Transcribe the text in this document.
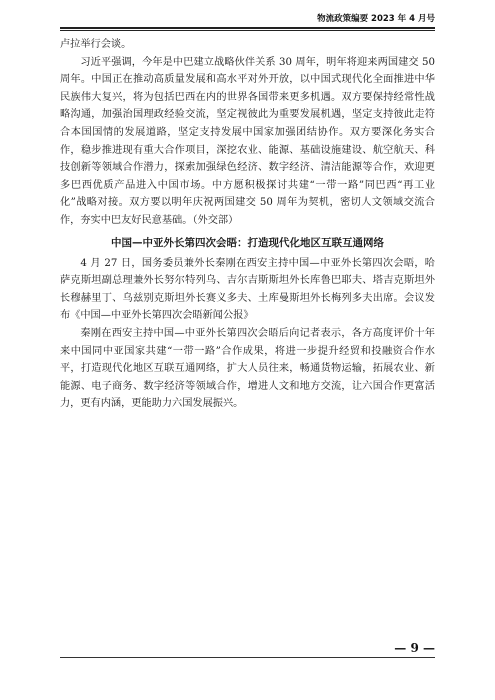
物流政策编要 2023 年 4 月号

卢拉举行会谈。

习近平强调，今年是中巴建立战略伙伴关系 30 周年，明年将迎来两国建交 50 周年。中国正在推动高质量发展和高水平对外开放，以中国式现代化全面推进中华民族伟大复兴，将为包括巴西在内的世界各国带来更多机遇。双方要保持经常性战略沟通，加强治国理政经验交流，坚定视彼此为重要发展机遇，坚定支持彼此走符合本国国情的发展道路，坚定支持发展中国家加强团结协作。双方要深化务实合作，稳步推进现有重大合作项目，深挖农业、能源、基础设施建设、航空航天、科技创新等领域合作潜力，探索加强绿色经济、数字经济、清洁能源等合作，欢迎更多巴西优质产品进入中国市场。中方愿积极探讨共建“一带一路”同巴西“再工业化”战略对接。双方要以明年庆祝两国建交 50 周年为契机，密切人文领域交流合作，夯实中巴友好民意基础。（外交部）

中国—中亚外长第四次会晤：打造现代化地区互联互通网络

4 月 27 日，国务委员兼外长秦刚在西安主持中国—中亚外长第四次会晤，哈萨克斯坦副总理兼外长努尔特列乌、吉尔吉斯斯坦外长库鲁巴耶夫、塔吉克斯坦外长穆赫里丁、乌兹别克斯坦外长赛义多夫、土库曼斯坦外长梅列多夫出席。会议发布《中国—中亚外长第四次会晤新闻公报》

秦刚在西安主持中国—中亚外长第四次会晤后向记者表示，各方高度评价十年来中国同中亚国家共建“一带一路”合作成果，将进一步提升经贸和投融资合作水平，打造现代化地区互联互通网络，扩大人员往来，畅通货物运输，拓展农业、新能源、电子商务、数字经济等领域合作，增进人文和地方交流，让六国合作更富活力，更有内涵，更能助力六国发展振兴。

— 9 —
